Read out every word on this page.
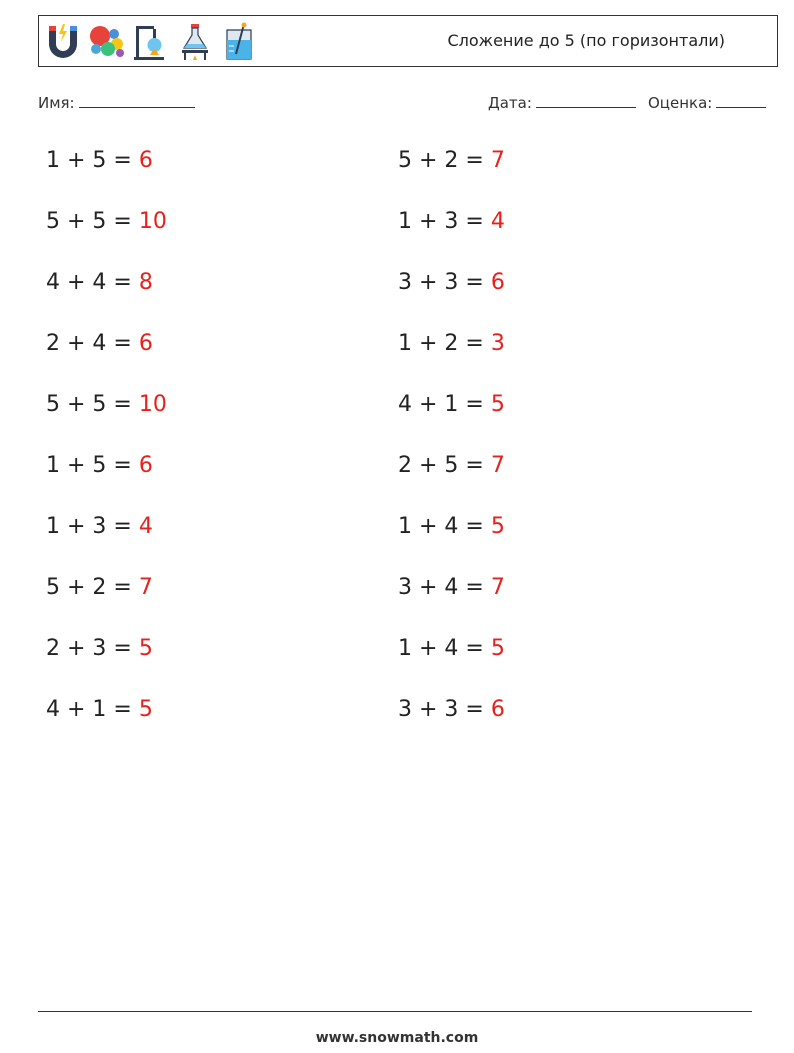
Сложение до 5 (по горизонтали)
Имя:	Дата:	Оценка:
1 + 5 = 6
5 + 5 = 10
4 + 4 = 8
2 + 4 = 6
5 + 5 = 10
1 + 5 = 6
1 + 3 = 4
5 + 2 = 7
2 + 3 = 5
4 + 1 = 5
5 + 2 = 7
1 + 3 = 4
3 + 3 = 6
1 + 2 = 3
4 + 1 = 5
2 + 5 = 7
1 + 4 = 5
3 + 4 = 7
1 + 4 = 5
3 + 3 = 6
www.snowmath.com
